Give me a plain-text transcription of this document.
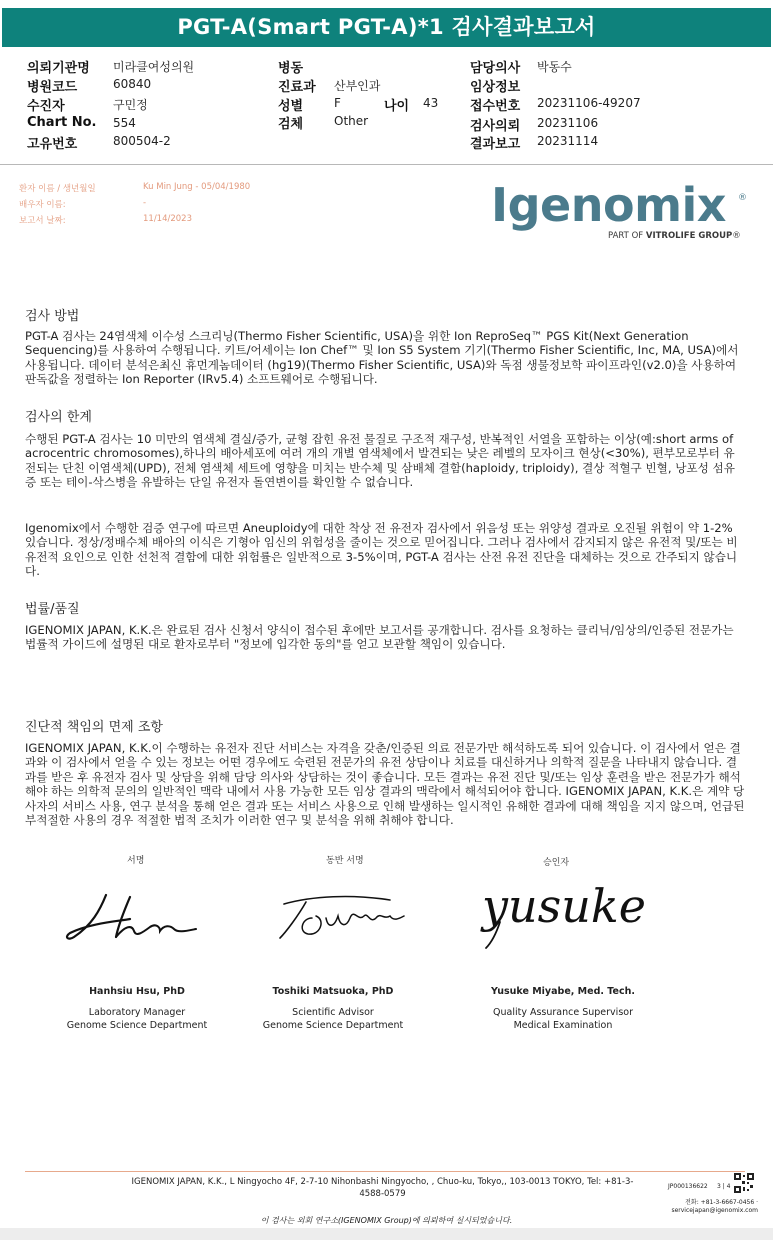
PGT-A(Smart PGT-A)*1 검사결과보고서
의뢰기관명 미라클여성의원
병원코드	60840
수진자	구민정
Chart No. 554
고유번호	800504-2
병동
진료과 산부인과
성별	F	나이 43
검체	Other
담당의사 박동수
임상정보
접수번호 20231106-49207
검사의뢰 20231106
결과보고 20231114
환자 이름 / 생년월일	Ku Min Jung - 05/04/1980
배우자 이름:	-
보고서 날짜:	11/14/2023	Igenomix ®
PART OF VITROLIFE GROUP®
검사 방법
PGT-A 검사는 24염색체 이수성 스크리닝(Thermo Fisher Scientific, USA)을 위한 Ion ReproSeq™ PGS Kit(Next Generation Sequencing)를 사용하여 수행됩니다. 키트/어세이는 Ion Chef™ 및 Ion S5 System 기기(Thermo Fisher Scientific, Inc, MA, USA)에서 사용됩니다. 데이터 분석은최신 휴먼게놈데이터 (hg19)(Thermo Fisher Scientific, USA)와 독점 생물정보학 파이프라인(v2.0)을 사용하여 판독값을 정렬하는 Ion Reporter (IRv5.4) 소프트웨어로 수행됩니다.
검사의 한계
수행된 PGT-A 검사는 10 미만의 염색체 결실/증가, 균형 잡힌 유전 물질로 구조적 재구성, 반복적인 서열을 포함하는 이상(예:short arms of acrocentric chromosomes),하나의 배아세포에 여러 개의 개별 염색체에서 발견되는 낮은 레벨의 모자이크 현상(<30%), 편부모로부터 유전되는 단친 이염색체(UPD), 전체 염색체 세트에 영향을 미치는 반수체 및 삼배체 결함(haploidy, triploidy), 결상 적혈구 빈혈, 낭포성 섬유증 또는 테이-삭스병을 유발하는 단일 유전자 돌연변이를 확인할 수 없습니다.
Igenomix에서 수행한 검증 연구에 따르면 Aneuploidy에 대한 착상 전 유전자 검사에서 위음성 또는 위양성 결과로 오진될 위험이 약 1-2% 있습니다. 정상/정배수체 배아의 이식은 기형아 임신의 위험성을 줄이는 것으로 믿어집니다. 그러나 검사에서 감지되지 않은 유전적 및/또는 비유전적 요인으로 인한 선천적 결함에 대한 위험률은 일반적으로 3-5%이며, PGT-A 검사는 산전 유전 진단을 대체하는 것으로 간주되지 않습니다.
법률/품질
IGENOMIX JAPAN, K.K.은 완료된 검사 신청서 양식이 접수된 후에만 보고서를 공개합니다. 검사를 요청하는 클리닉/임상의/인증된 전문가는 법률적 가이드에 설명된 대로 환자로부터 "정보에 입각한 동의"를 얻고 보관할 책임이 있습니다.
진단적 책임의 면제 조항
IGENOMIX JAPAN, K.K.이 수행하는 유전자 진단 서비스는 자격을 갖춘/인증된 의료 전문가만 해석하도록 되어 있습니다. 이 검사에서 얻은 결과와 이 검사에서 얻을 수 있는 정보는 어떤 경우에도 숙련된 전문가의 유전 상담이나 치료를 대신하거나 의학적 질문을 나타내지 않습니다. 결과를 받은 후 유전자 검사 및 상담을 위해 담당 의사와 상담하는 것이 좋습니다. 모든 결과는 유전 진단 및/또는 임상 훈련을 받은 전문가가 해석해야 하는 의학적 문의의 일반적인 맥락 내에서 사용 가능한 모든 임상 결과의 맥락에서 해석되어야 합니다. IGENOMIX JAPAN, K.K.은 계약 당사자의 서비스 사용, 연구 분석을 통해 얻은 결과 또는 서비스 사용으로 인해 발생하는 일시적인 유해한 결과에 대해 책임을 지지 않으며, 언급된 부적절한 사용의 경우 적절한 법적 조치가 이러한 연구 및 분석을 위해 취해야 합니다.
서명	동반 서명	승인자
yusuke
Hanhsiu Hsu, PhD
Laboratory Manager
Genome Science Department
Toshiki Matsuoka, PhD
Scientific Advisor
Genome Science Department
Yusuke Miyabe, Med. Tech.
Quality Assurance Supervisor
Medical Examination
IGENOMIX JAPAN, K.K., L Ningyocho 4F, 2-7-10 Nihonbashi Ningyocho, , Chuo-ku, Tokyo,, 103-0013 TOKYO, Tel: +81-3-4588-0579
JP000136622 3 | 4
전화: +81-3-6667-0456 ·
servicejapan@igenomix.com
이 검사는 외회 연구소(IGENOMIX Group)에 의뢰하여 실시되었습니다.
